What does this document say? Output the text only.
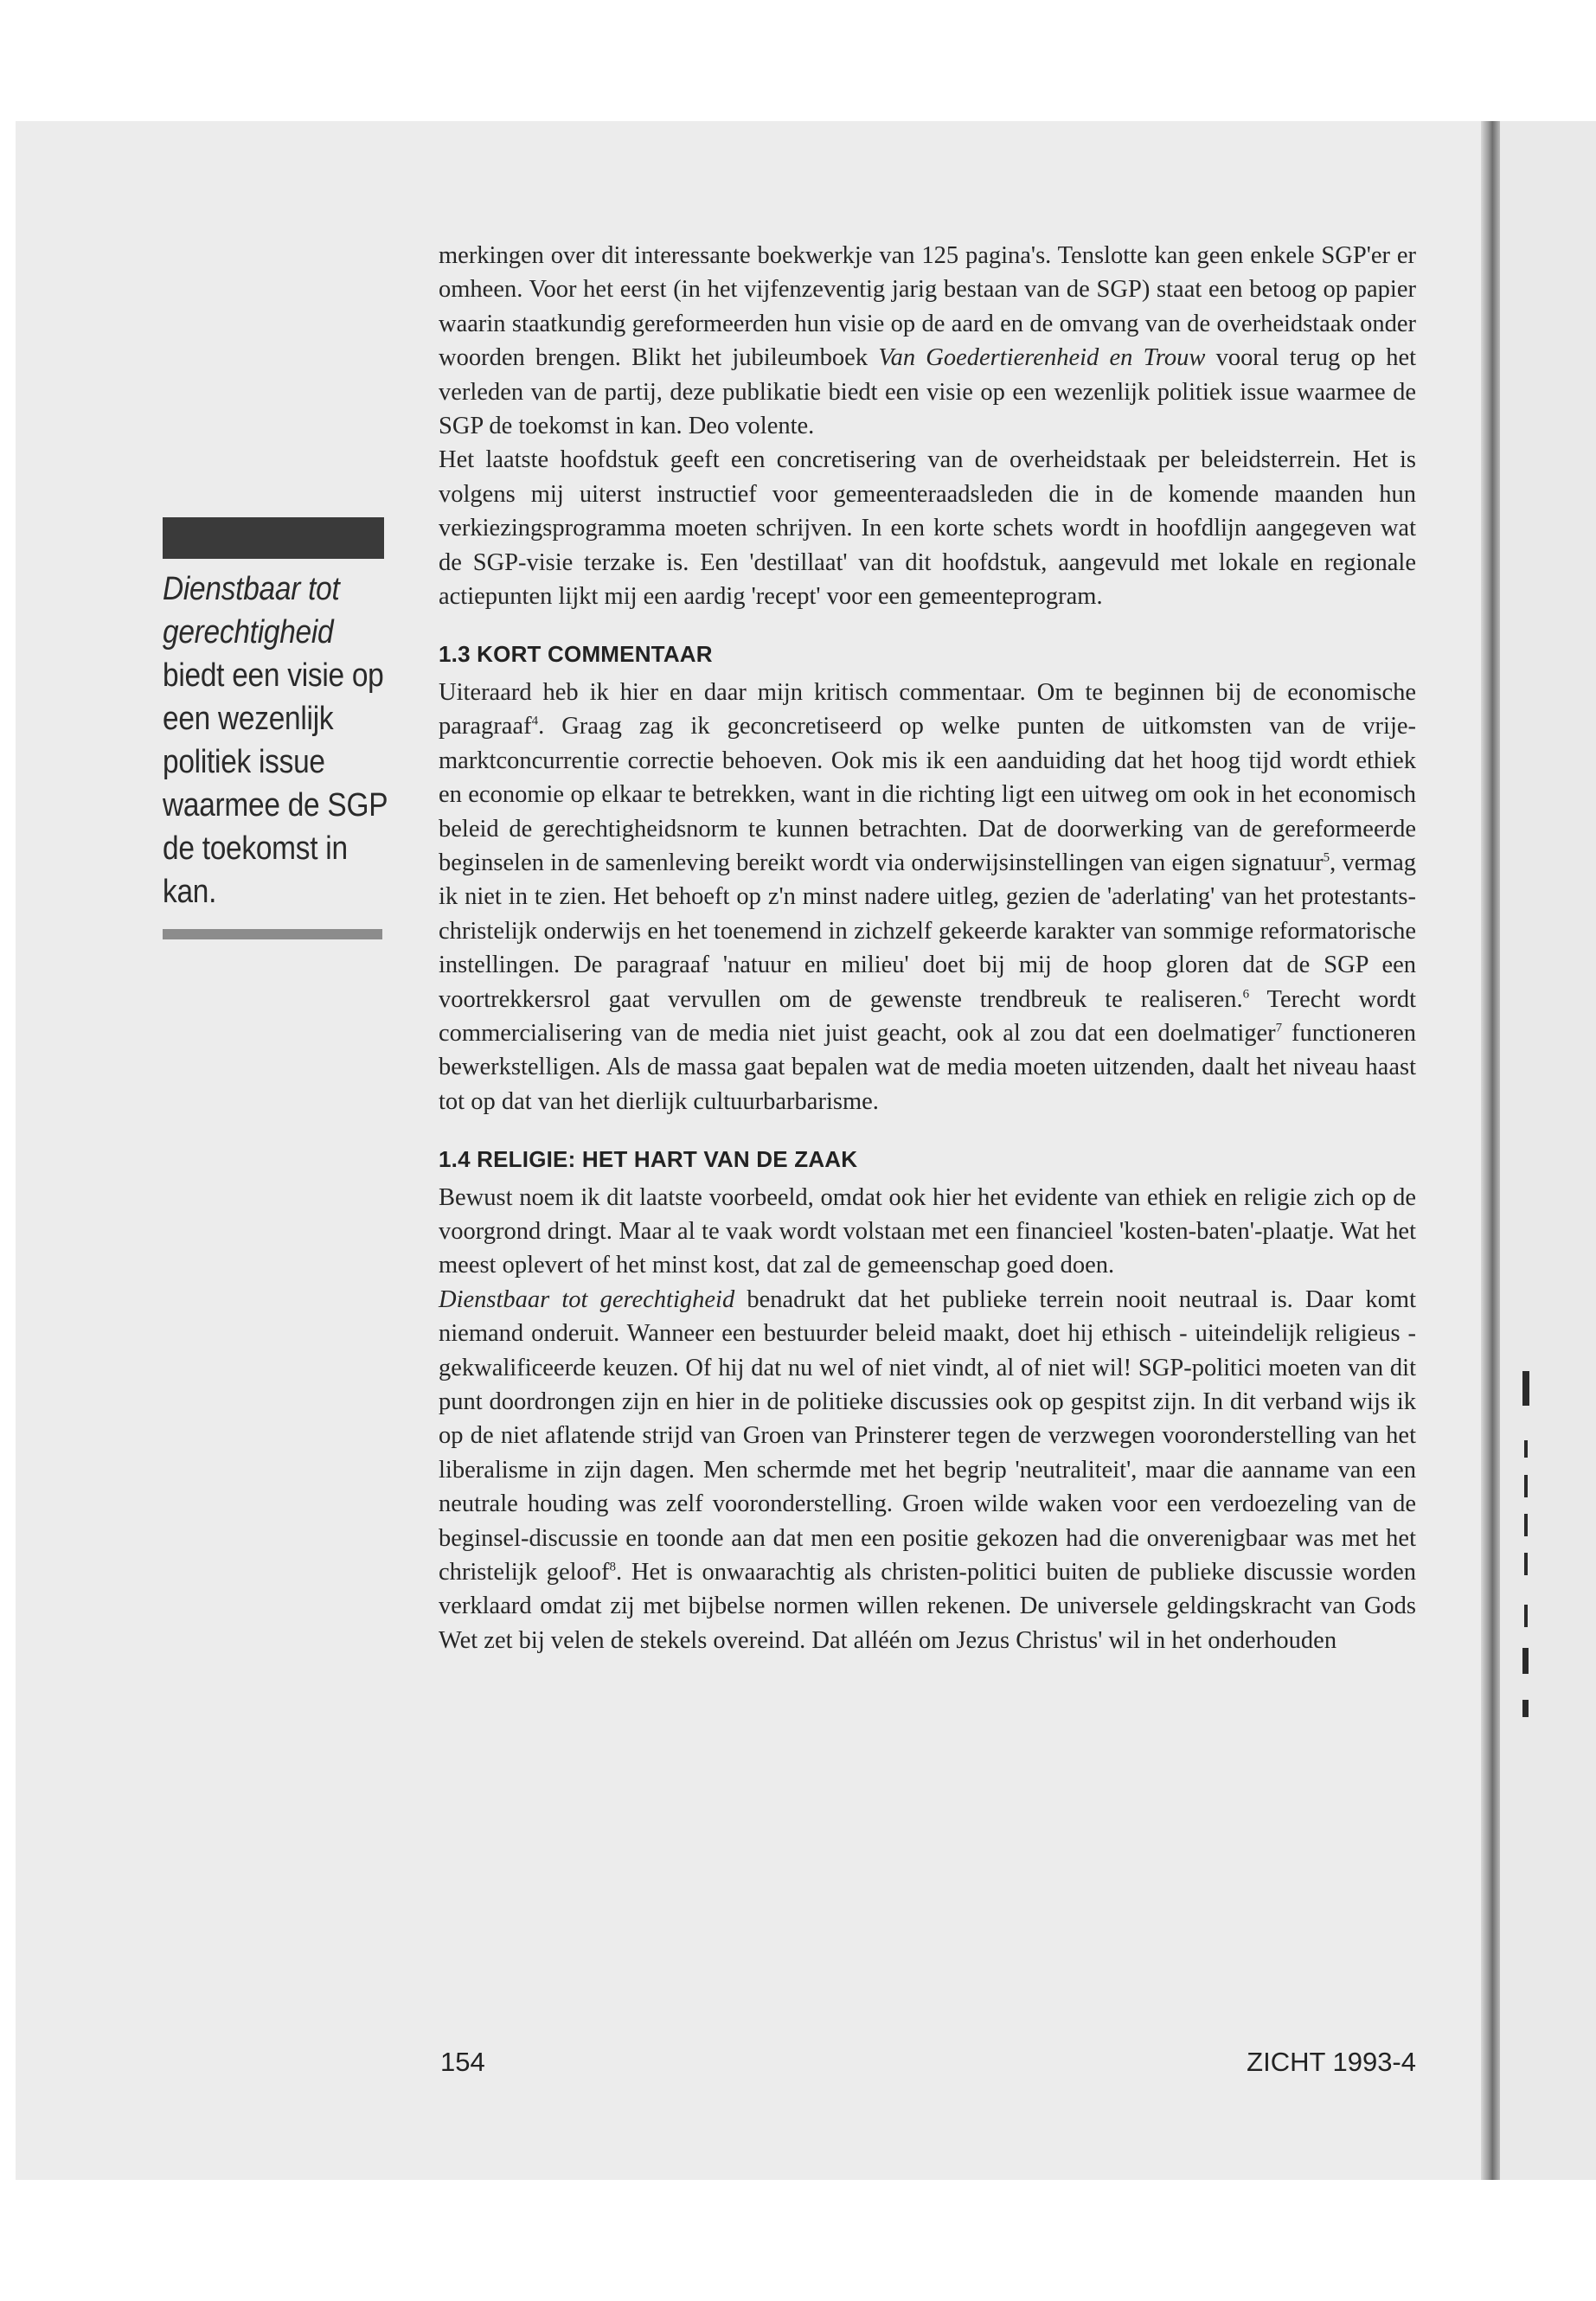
Dienstbaar tot gerechtigheid biedt een visie op een wezenlijk politiek issue waarmee de SGP de toekomst in kan.

merkingen over dit interessante boekwerkje van 125 pagina's. Tenslotte kan geen enkele SGP'er er omheen. Voor het eerst (in het vijfenzeventig jarig bestaan van de SGP) staat een betoog op papier waarin staatkundig gereformeerden hun visie op de aard en de omvang van de overheidstaak onder woorden brengen. Blikt het jubileumboek Van Goedertierenheid en Trouw vooral terug op het verleden van de partij, deze publikatie biedt een visie op een wezenlijk politiek issue waarmee de SGP de toekomst in kan. Deo volente.

Het laatste hoofdstuk geeft een concretisering van de overheidstaak per beleidsterrein. Het is volgens mij uiterst instructief voor gemeenteraadsleden die in de komende maanden hun verkiezingsprogramma moeten schrijven. In een korte schets wordt in hoofdlijn aangegeven wat de SGP-visie terzake is. Een 'destillaat' van dit hoofdstuk, aangevuld met lokale en regionale actiepunten lijkt mij een aardig 'recept' voor een gemeenteprogram.

1.3 KORT COMMENTAAR

Uiteraard heb ik hier en daar mijn kritisch commentaar. Om te beginnen bij de economische paragraaf$^4$. Graag zag ik geconcretiseerd op welke punten de uitkomsten van de vrije-marktconcurrentie correctie behoeven. Ook mis ik een aanduiding dat het hoog tijd wordt ethiek en economie op elkaar te betrekken, want in die richting ligt een uitweg om ook in het economisch beleid de gerechtigheidsnorm te kunnen betrachten. Dat de doorwerking van de gereformeerde beginselen in de samenleving bereikt wordt via onderwijsinstellingen van eigen signatuur$^5$, vermag ik niet in te zien. Het behoeft op z'n minst nadere uitleg, gezien de 'aderlating' van het protestants-christelijk onderwijs en het toenemend in zichzelf gekeerde karakter van sommige reformatorische instellingen. De paragraaf 'natuur en milieu' doet bij mij de hoop gloren dat de SGP een voortrekkersrol gaat vervullen om de gewenste trendbreuk te realiseren.$^6$ Terecht wordt commercialisering van de media niet juist geacht, ook al zou dat een doelmatiger$^7$ functioneren bewerkstelligen. Als de massa gaat bepalen wat de media moeten uitzenden, daalt het niveau haast tot op dat van het dierlijk cultuurbarbarisme.

1.4 RELIGIE: HET HART VAN DE ZAAK

Bewust noem ik dit laatste voorbeeld, omdat ook hier het evidente van ethiek en religie zich op de voorgrond dringt. Maar al te vaak wordt volstaan met een financieel 'kosten-baten'-plaatje. Wat het meest oplevert of het minst kost, dat zal de gemeenschap goed doen.

Dienstbaar tot gerechtigheid benadrukt dat het publieke terrein nooit neutraal is. Daar komt niemand onderuit. Wanneer een bestuurder beleid maakt, doet hij ethisch - uiteindelijk religieus - gekwalificeerde keuzen. Of hij dat nu wel of niet vindt, al of niet wil! SGP-politici moeten van dit punt doordrongen zijn en hier in de politieke discussies ook op gespitst zijn. In dit verband wijs ik op de niet aflatende strijd van Groen van Prinsterer tegen de verzwegen vooronderstelling van het liberalisme in zijn dagen. Men schermde met het begrip 'neutraliteit', maar die aanname van een neutrale houding was zelf vooronderstelling. Groen wilde waken voor een verdoezeling van de beginsel-discussie en toonde aan dat men een positie gekozen had die onverenigbaar was met het christelijk geloof$^8$. Het is onwaarachtig als christen-politici buiten de publieke discussie worden verklaard omdat zij met bijbelse normen willen rekenen. De universele geldingskracht van Gods Wet zet bij velen de stekels overeind. Dat alléén om Jezus Christus' wil in het onderhouden

154	ZICHT 1993-4
